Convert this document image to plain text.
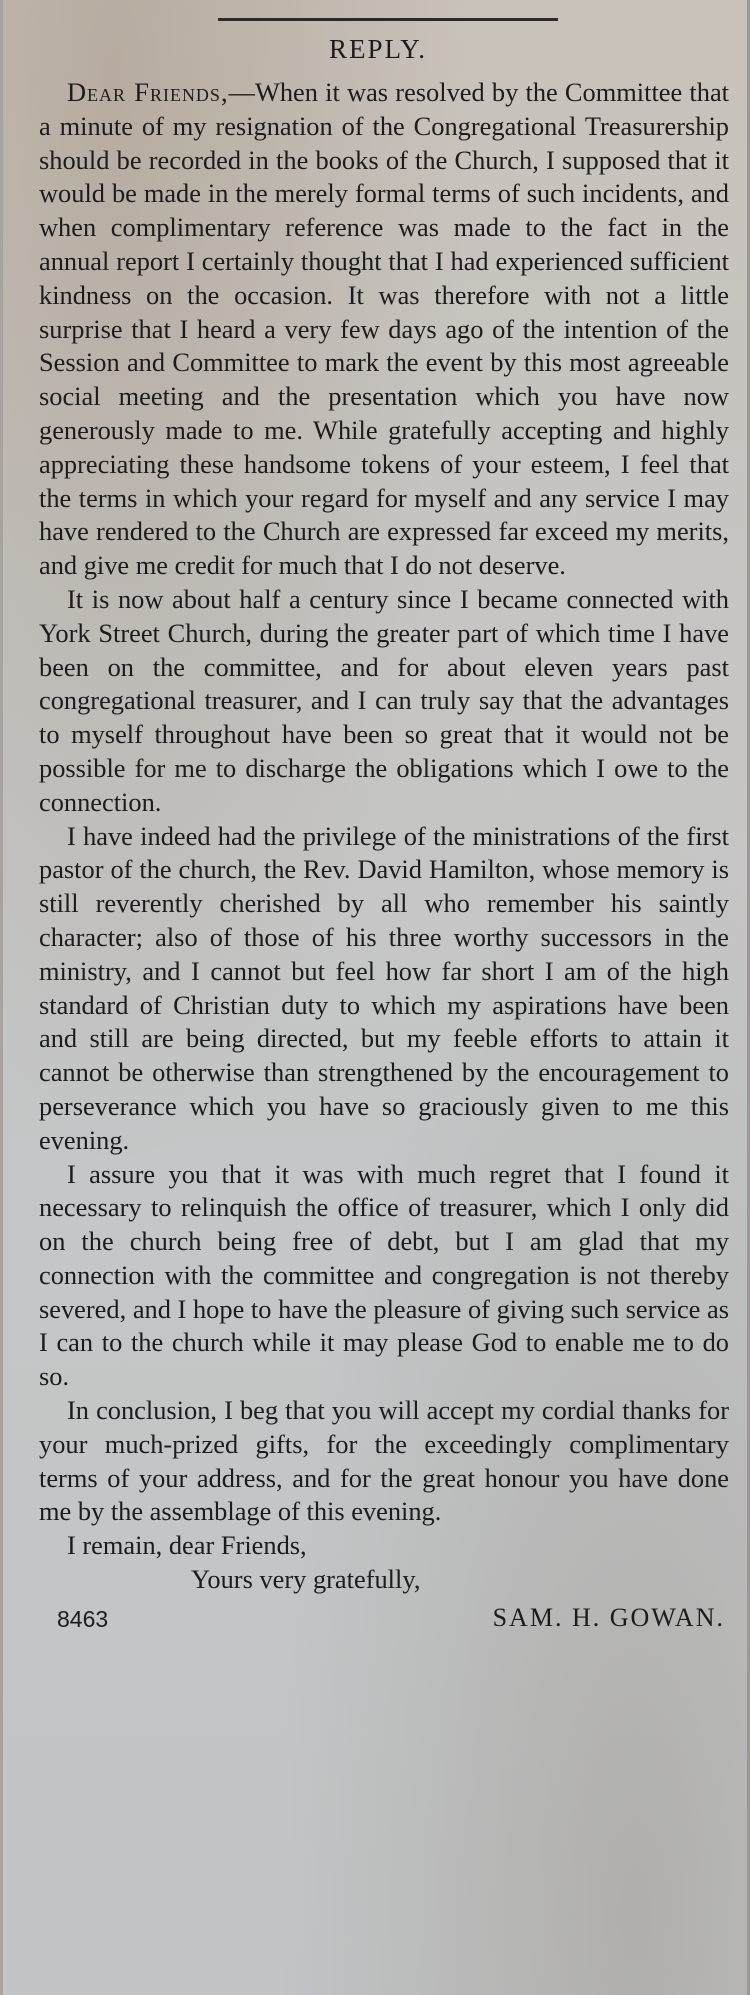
REPLY.

Dear Friends,—When it was resolved by the Committee that a minute of my resignation of the Congregational Treasurership should be recorded in the books of the Church, I supposed that it would be made in the merely formal terms of such incidents, and when complimentary reference was made to the fact in the annual report I certainly thought that I had experienced sufficient kindness on the occasion. It was therefore with not a little surprise that I heard a very few days ago of the intention of the Session and Committee to mark the event by this most agreeable social meeting and the presentation which you have now generously made to me. While gratefully accepting and highly appreciating these handsome tokens of your esteem, I feel that the terms in which your regard for myself and any service I may have rendered to the Church are expressed far exceed my merits, and give me credit for much that I do not deserve.

It is now about half a century since I became connected with York Street Church, during the greater part of which time I have been on the committee, and for about eleven years past congregational treasurer, and I can truly say that the advantages to myself throughout have been so great that it would not be possible for me to discharge the obligations which I owe to the connection.

I have indeed had the privilege of the ministrations of the first pastor of the church, the Rev. David Hamilton, whose memory is still reverently cherished by all who remember his saintly character; also of those of his three worthy successors in the ministry, and I cannot but feel how far short I am of the high standard of Christian duty to which my aspirations have been and still are being directed, but my feeble efforts to attain it cannot be otherwise than strengthened by the encouragement to perseverance which you have so graciously given to me this evening.

I assure you that it was with much regret that I found it necessary to relinquish the office of treasurer, which I only did on the church being free of debt, but I am glad that my connection with the committee and congregation is not thereby severed, and I hope to have the pleasure of giving such service as I can to the church while it may please God to enable me to do so.

In conclusion, I beg that you will accept my cordial thanks for your much-prized gifts, for the exceedingly complimentary terms of your address, and for the great honour you have done me by the assemblage of this evening.

I remain, dear Friends,

Yours very gratefully,

8463	SAM. H. GOWAN.
